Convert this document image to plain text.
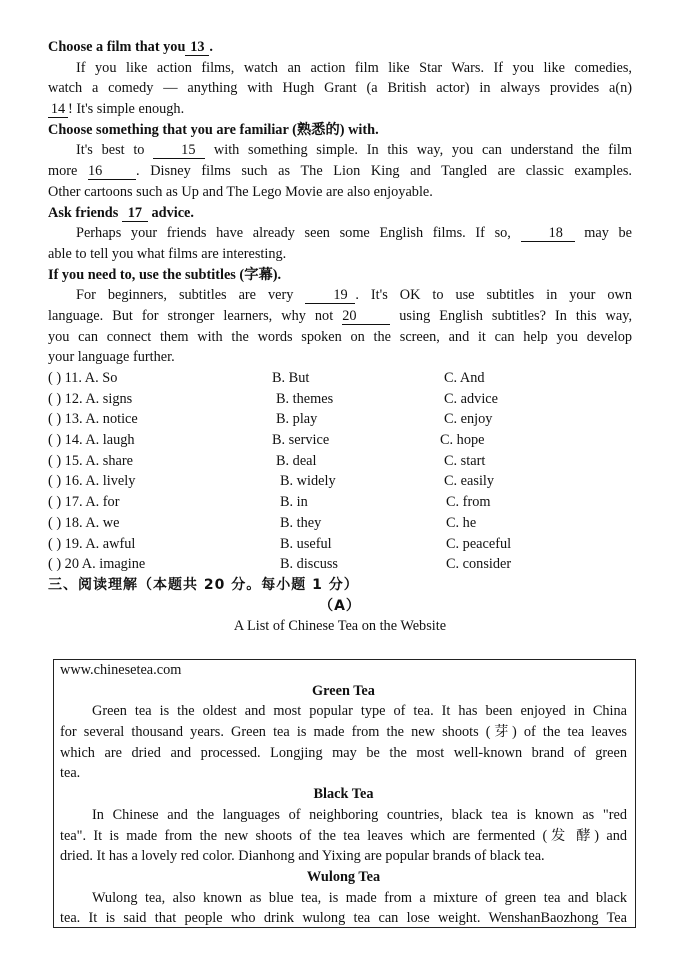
Choose a film that you 13 .
If you like action films, watch an action film like Star Wars. If you like comedies,
watch a comedy — anything with Hugh Grant (a British actor) in always provides a(n)
14 ! It's simple enough.
Choose something that you are familiar (熟悉的) with.
It's best to	15 with something simple. In this way, you can understand the film
more 16 . Disney films such as The Lion King and Tangled are classic examples.
Other cartoons such as Up and The Lego Movie are also enjoyable.
Ask friends 17 advice.
Perhaps your friends have already seen some English films. If so,	18 may be
able to tell you what films are interesting.
If you need to, use the subtitles (字幕).
For beginners, subtitles are very	19 . It's OK to use subtitles in your own
language. But for stronger learners, why not 20	using English subtitles? In this way,
you can connect them with the words spoken on the screen, and it can help you develop
your language further.
( ) 11. A. So	B. But	C. And
( ) 12. A. signs	B. themes	C. advice
( ) 13. A. notice	B. play	C. enjoy
( ) 14. A. laugh	B. service	C. hope
( ) 15. A. share	B. deal	C. start
( ) 16. A. lively	B. widely	C. easily
( ) 17. A. for	B. in	C. from
( ) 18. A. we	B. they	C. he
( ) 19. A. awful	B. useful	C. peaceful
( ) 20 A. imagine	B. discuss	C. consider
三、阅读理解（本题共 20 分。每小题 1 分）
（A）
A List of Chinese Tea on the Website
www.chinesetea.com
Green Tea
Green tea is the oldest and most popular type of tea. It has been enjoyed in China
for several thousand years. Green tea is made from the new shoots (芽) of the tea leaves
which are dried and processed. Longjing may be the most well-known brand of green
tea.
Black Tea
In Chinese and the languages of neighboring countries, black tea is known as "red
tea". It is made from the new shoots of the tea leaves which are fermented (发 酵) and
dried. It has a lovely red color. Dianhong and Yixing are popular brands of black tea.
Wulong Tea
Wulong tea, also known as blue tea, is made from a mixture of green tea and black
tea. It is said that people who drink wulong tea can lose weight. WenshanBaozhong Tea
